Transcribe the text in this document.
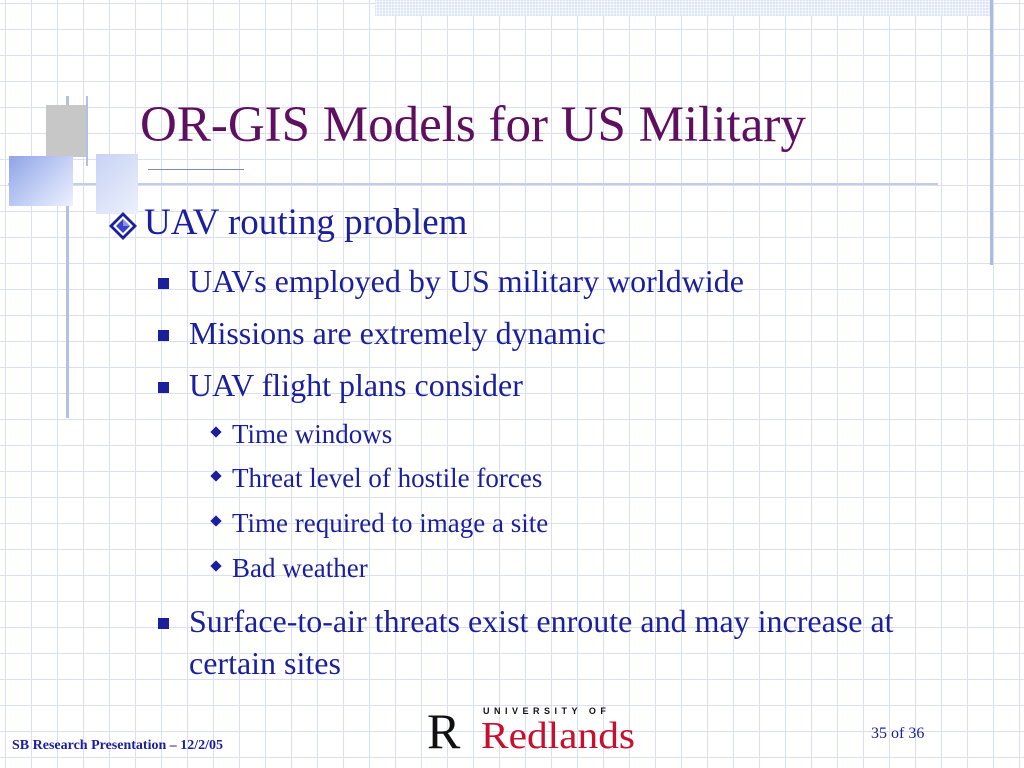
OR-GIS Models for US Military
UAV routing problem
UAVs employed by US military worldwide
Missions are extremely dynamic
UAV flight plans consider
Time windows
Threat level of hostile forces
Time required to image a site
Bad weather
Surface-to-air threats exist enroute and may increase at certain sites
R	UNIVERSITY OF
Redlands
SB Research Presentation – 12/2/05
35 of 36
